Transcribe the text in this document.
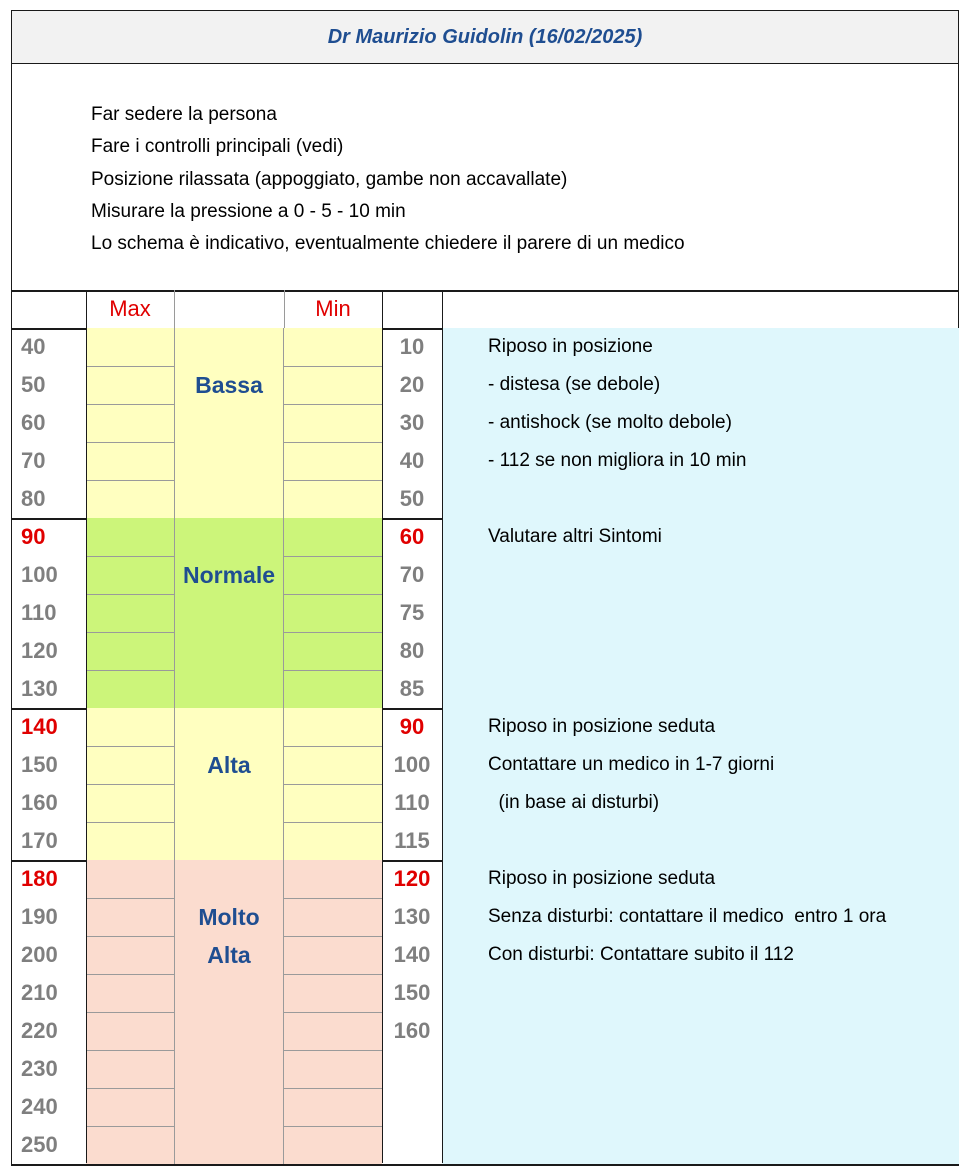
Dr Maurizio Guidolin (16/02/2025)
Far sedere la persona
Fare i controlli principali (vedi)
Posizione rilassata (appoggiato, gambe non accavallate)
Misurare la pressione a 0 - 5 - 10 min
Lo schema è indicativo, eventualmente chiedere il parere di un medico
Max	Min
40
50
60
70
80
10
20
30
40
50
Bassa
Riposo in posizione
- distesa (se debole)
- antishock (se molto debole)
- 112 se non migliora in 10 min
90
100
110
120
130
60
70
75
80
85
Normale
Valutare altri Sintomi
140
150
160
170
90
100
110
115
Alta
Riposo in posizione seduta
Contattare un medico in 1-7 giorni
(in base ai disturbi)
180
190
200
210
220
230
240
250
120
130
140
150
160
Molto
Alta
Riposo in posizione seduta
Senza disturbi: contattare il medico  entro 1 ora
Con disturbi: Contattare subito il 112
